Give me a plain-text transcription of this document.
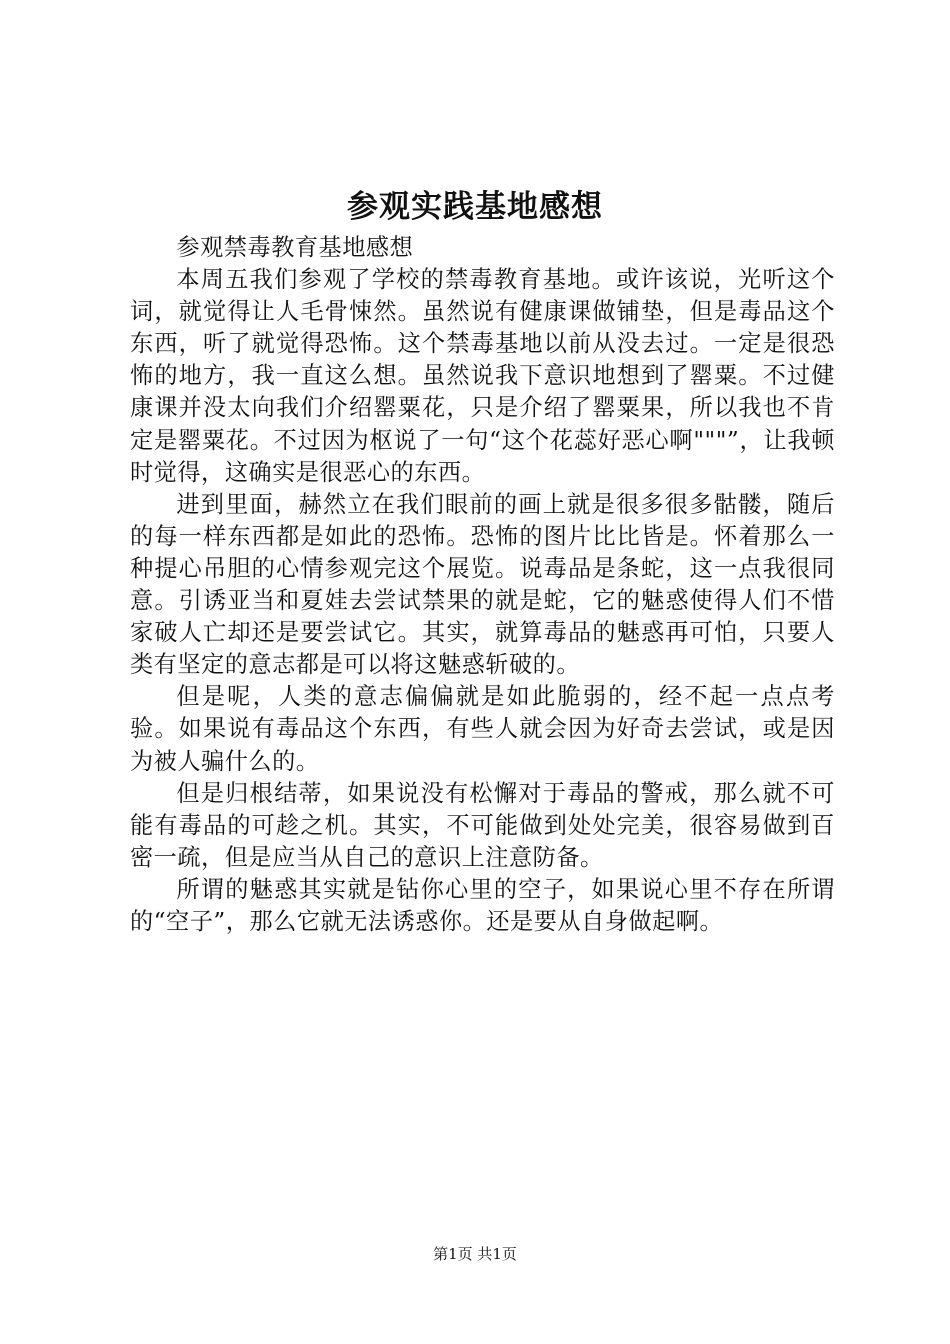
参观实践基地感想

参观禁毒教育基地感想

本周五我们参观了学校的禁毒教育基地。或许该说，光听这个词，就觉得让人毛骨悚然。虽然说有健康课做铺垫，但是毒品这个东西，听了就觉得恐怖。这个禁毒基地以前从没去过。一定是很恐怖的地方，我一直这么想。虽然说我下意识地想到了罂粟。不过健康课并没太向我们介绍罂粟花，只是介绍了罂粟果，所以我也不肯定是罂粟花。不过因为枢说了一句“这个花蕊好恶心啊"""”，让我顿时觉得，这确实是很恶心的东西。

进到里面，赫然立在我们眼前的画上就是很多很多骷髅，随后的每一样东西都是如此的恐怖。恐怖的图片比比皆是。怀着那么一种提心吊胆的心情参观完这个展览。说毒品是条蛇，这一点我很同意。引诱亚当和夏娃去尝试禁果的就是蛇，它的魅惑使得人们不惜家破人亡却还是要尝试它。其实，就算毒品的魅惑再可怕，只要人类有坚定的意志都是可以将这魅惑斩破的。

但是呢，人类的意志偏偏就是如此脆弱的，经不起一点点考验。如果说有毒品这个东西，有些人就会因为好奇去尝试，或是因为被人骗什么的。

但是归根结蒂，如果说没有松懈对于毒品的警戒，那么就不可能有毒品的可趁之机。其实，不可能做到处处完美，很容易做到百密一疏，但是应当从自己的意识上注意防备。

所谓的魅惑其实就是钻你心里的空子，如果说心里不存在所谓的“空子”，那么它就无法诱惑你。还是要从自身做起啊。

第1页 共1页
